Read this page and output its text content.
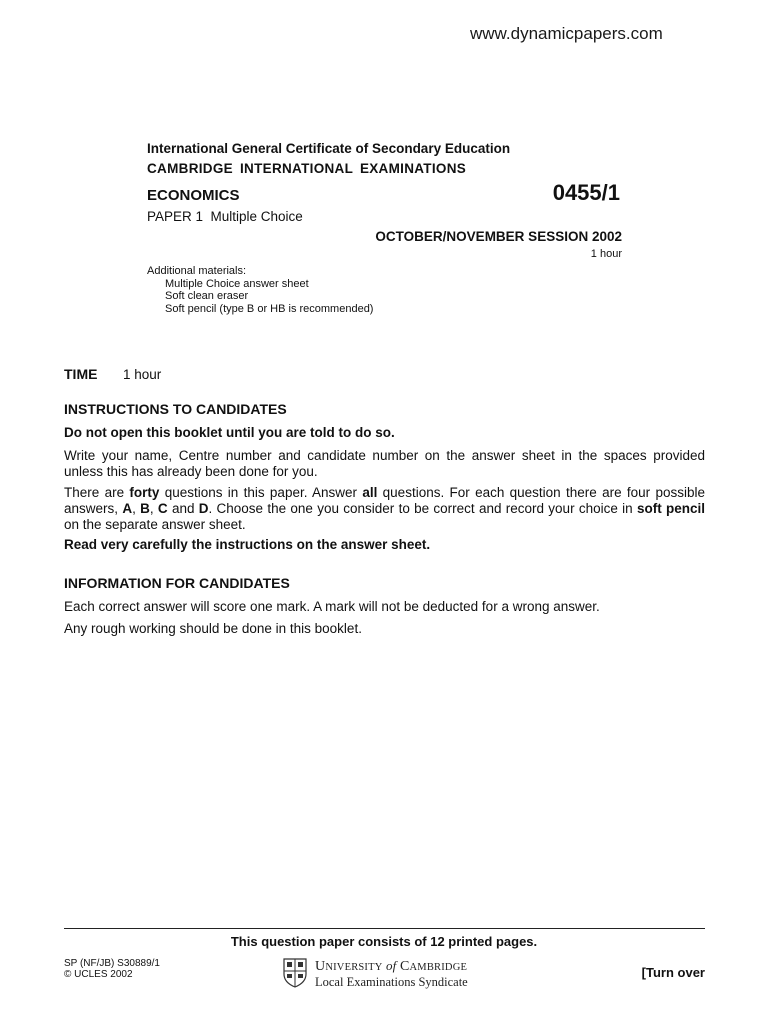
www.dynamicpapers.com
International General Certificate of Secondary Education
CAMBRIDGE INTERNATIONAL EXAMINATIONS
ECONOMICS	0455/1
PAPER 1  Multiple Choice
OCTOBER/NOVEMBER SESSION 2002
1 hour
Additional materials:
Multiple Choice answer sheet
Soft clean eraser
Soft pencil (type B or HB is recommended)
TIME 1 hour
INSTRUCTIONS TO CANDIDATES
Do not open this booklet until you are told to do so.
Write your name, Centre number and candidate number on the answer sheet in the spaces provided unless this has already been done for you.
There are forty questions in this paper. Answer all questions. For each question there are four possible answers, A, B, C and D. Choose the one you consider to be correct and record your choice in soft pencil on the separate answer sheet.
Read very carefully the instructions on the answer sheet.
INFORMATION FOR CANDIDATES
Each correct answer will score one mark. A mark will not be deducted for a wrong answer.
Any rough working should be done in this booklet.
This question paper consists of 12 printed pages.
SP (NF/JB) S30889/1
© UCLES 2002
UNIVERSITY of CAMBRIDGE
Local Examinations Syndicate
[Turn over
